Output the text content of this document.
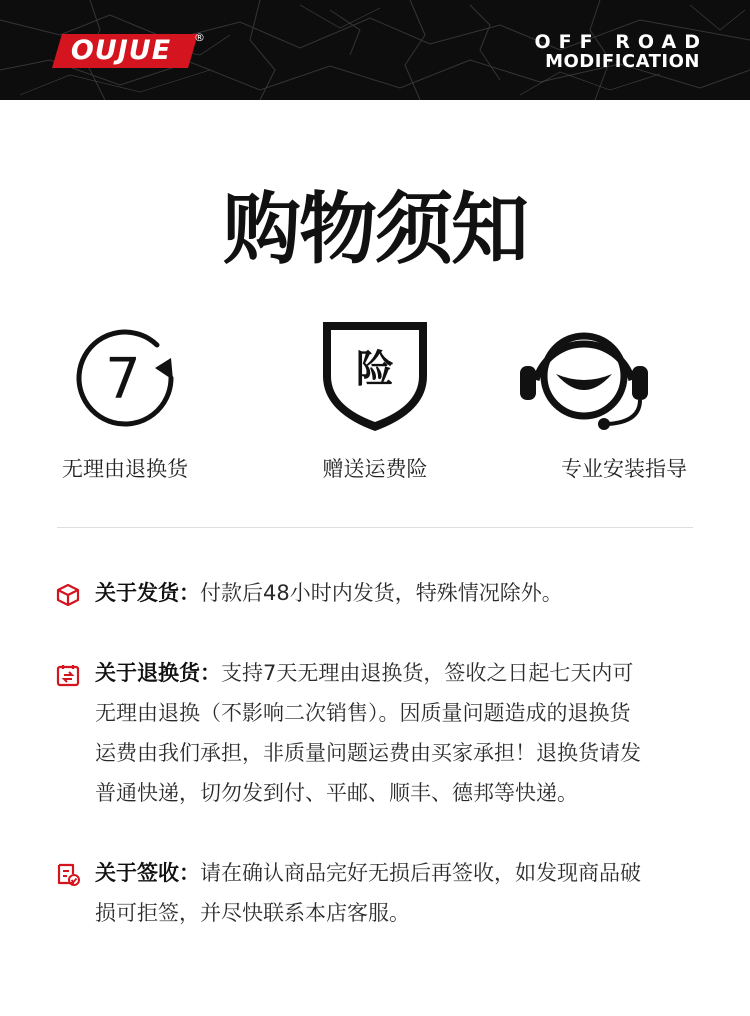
OUJUE	®	OFF ROAD
MODIFICATION
购物须知
7
无理由退换货
险
赠送运费险	专业安装指导
关于发货：付款后48小时内发货，特殊情况除外。
关于退换货：支持7天无理由退换货，签收之日起七天内可
无理由退换（不影响二次销售）。因质量问题造成的退换货
运费由我们承担，非质量问题运费由买家承担！退换货请发
普通快递，切勿发到付、平邮、顺丰、德邦等快递。
关于签收：请在确认商品完好无损后再签收，如发现商品破
损可拒签，并尽快联系本店客服。
